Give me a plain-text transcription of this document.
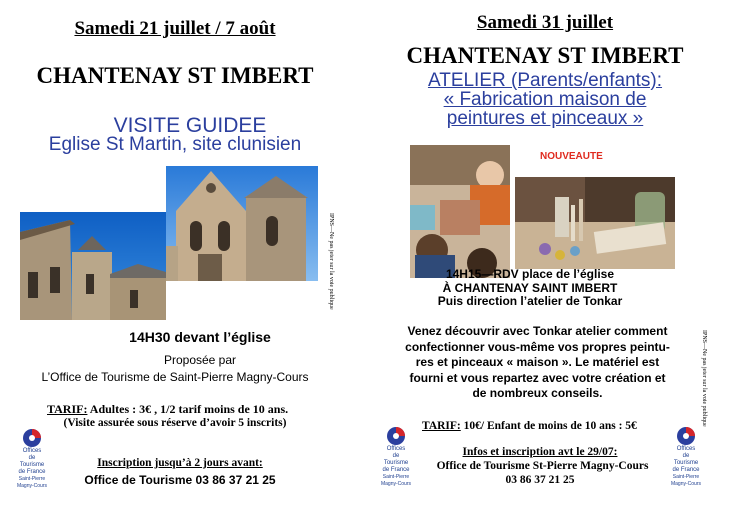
Samedi 21 juillet / 7 août
CHANTENAY ST IMBERT
VISITE GUIDEE
Eglise St Martin, site clunisien
IPNS—Ne pas jeter sur la voie publique
14H30 devant l’église
Proposée par
L’Office de Tourisme de Saint-Pierre Magny-Cours
TARIF: Adultes : 3€ , 1/2 tarif moins de 10 ans.
(Visite assurée sous réserve d’avoir 5 inscrits)
Inscription jusqu’à 2 jours avant:
Office de Tourisme 03 86 37 21 25
Offices
de
Tourisme
de France
Saint-Pierre
Magny-Cours
Samedi 31 juillet
CHANTENAY ST IMBERT
ATELIER (Parents/enfants):
« Fabrication maison de
peintures et pinceaux »
NOUVEAUTE
IPNS—Ne pas jeter sur la voie publique
14H15—RDV place de l’église
À CHANTENAY SAINT IMBERT
Puis direction l’atelier de Tonkar
Venez découvrir avec Tonkar atelier comment
confectionner vous-même vos propres peintu-
res et pinceaux « maison ». Le matériel est
fourni et vous repartez avec votre création et
de nombreux conseils.
TARIF: 10€/ Enfant de moins de 10 ans : 5€
Infos et inscription avt le 29/07:
Office de Tourisme St-Pierre Magny-Cours
03 86 37 21 25
Offices
de
Tourisme
de France
Saint-Pierre
Magny-Cours
Offices
de
Tourisme
de France
Saint-Pierre
Magny-Cours
